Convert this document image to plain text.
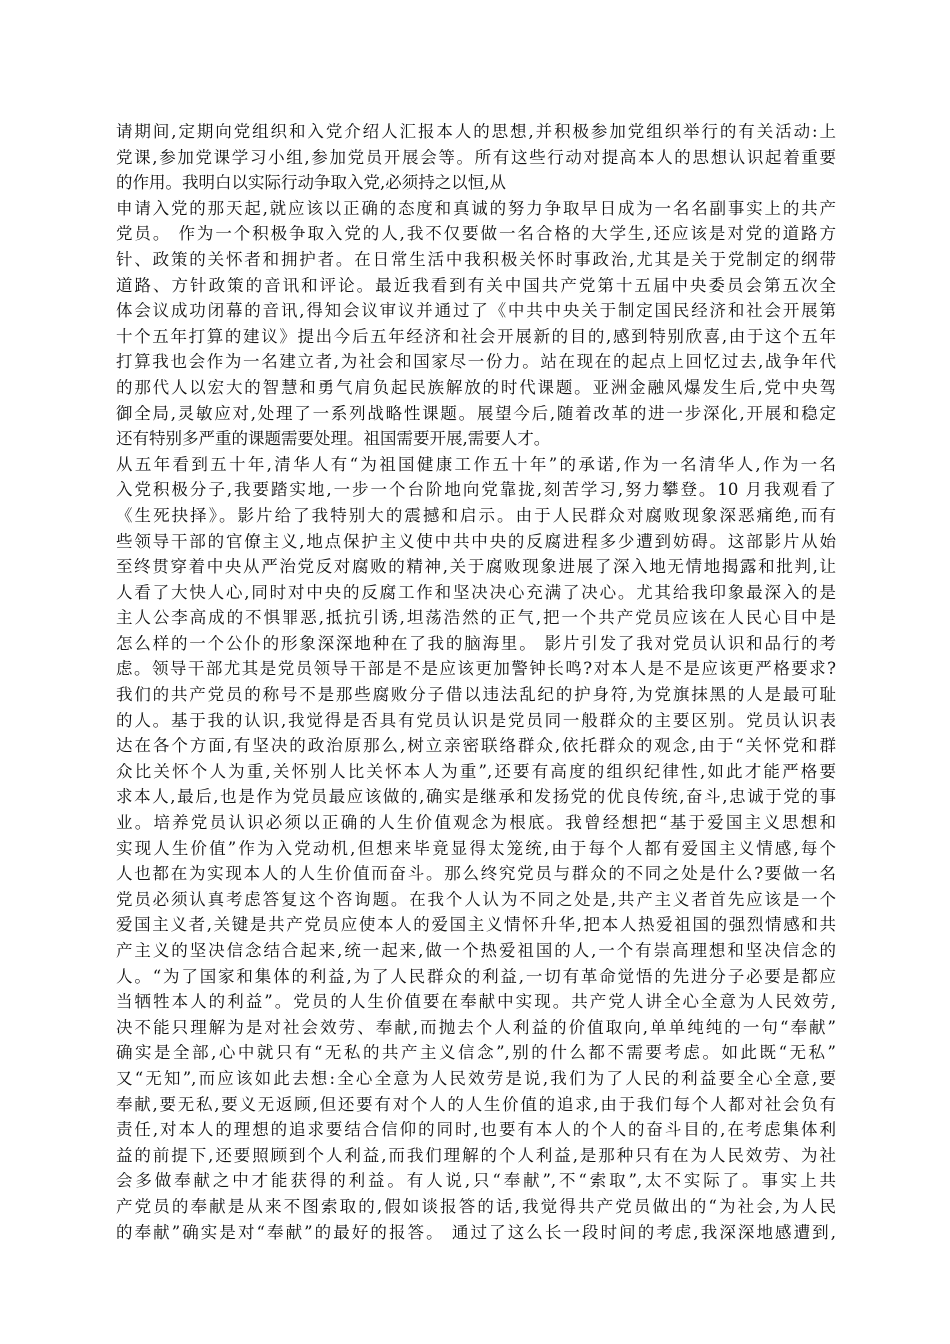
请期间,定期向党组织和入党介绍人汇报本人的思想,并积极参加党组织举行的有关活动:上
党课,参加党课学习小组,参加党员开展会等。所有这些行动对提高本人的思想认识起着重要
的作用。我明白以实际行动争取入党,必须持之以恒,从
申请入党的那天起,就应该以正确的态度和真诚的努力争取早日成为一名名副事实上的共产
党员。 作为一个积极争取入党的人,我不仅要做一名合格的大学生,还应该是对党的道路方
针、政策的关怀者和拥护者。在日常生活中我积极关怀时事政治,尤其是关于党制定的纲带
道路、方针政策的音讯和评论。最近我看到有关中国共产党第十五届中央委员会第五次全
体会议成功闭幕的音讯,得知会议审议并通过了《中共中央关于制定国民经济和社会开展第
十个五年打算的建议》提出今后五年经济和社会开展新的目的,感到特别欣喜,由于这个五年
打算我也会作为一名建立者,为社会和国家尽一份力。站在现在的起点上回忆过去,战争年代
的那代人以宏大的智慧和勇气肩负起民族解放的时代课题。亚洲金融风爆发生后,党中央驾
御全局,灵敏应对,处理了一系列战略性课题。展望今后,随着改革的进一步深化,开展和稳定
还有特别多严重的课题需要处理。祖国需要开展,需要人才。
从五年看到五十年,清华人有“为祖国健康工作五十年”的承诺,作为一名清华人,作为一名
入党积极分子,我要踏实地,一步一个台阶地向党靠拢,刻苦学习,努力攀登。10 月我观看了
《生死抉择》。影片给了我特别大的震撼和启示。由于人民群众对腐败现象深恶痛绝,而有
些领导干部的官僚主义,地点保护主义使中共中央的反腐进程多少遭到妨碍。这部影片从始
至终贯穿着中央从严治党反对腐败的精神,关于腐败现象进展了深入地无情地揭露和批判,让
人看了大快人心,同时对中央的反腐工作和坚决决心充满了决心。尤其给我印象最深入的是
主人公李高成的不惧罪恶,抵抗引诱,坦荡浩然的正气,把一个共产党员应该在人民心目中是
怎么样的一个公仆的形象深深地种在了我的脑海里。 影片引发了我对党员认识和品行的考
虑。领导干部尤其是党员领导干部是不是应该更加警钟长鸣?对本人是不是应该更严格要求?
我们的共产党员的称号不是那些腐败分子借以违法乱纪的护身符,为党旗抹黑的人是最可耻
的人。基于我的认识,我觉得是否具有党员认识是党员同一般群众的主要区别。党员认识表
达在各个方面,有坚决的政治原那么,树立亲密联络群众,依托群众的观念,由于“关怀党和群
众比关怀个人为重,关怀别人比关怀本人为重”,还要有高度的组织纪律性,如此才能严格要
求本人,最后,也是作为党员最应该做的,确实是继承和发扬党的优良传统,奋斗,忠诚于党的事
业。培养党员认识必须以正确的人生价值观念为根底。我曾经想把“基于爱国主义思想和
实现人生价值”作为入党动机,但想来毕竟显得太笼统,由于每个人都有爱国主义情感,每个
人也都在为实现本人的人生价值而奋斗。那么终究党员与群众的不同之处是什么?要做一名
党员必须认真考虑答复这个咨询题。在我个人认为不同之处是,共产主义者首先应该是一个
爱国主义者,关键是共产党员应使本人的爱国主义情怀升华,把本人热爱祖国的强烈情感和共
产主义的坚决信念结合起来,统一起来,做一个热爱祖国的人,一个有崇高理想和坚决信念的
人。“为了国家和集体的利益,为了人民群众的利益,一切有革命觉悟的先进分子必要是都应
当牺牲本人的利益”。党员的人生价值要在奉献中实现。共产党人讲全心全意为人民效劳,
决不能只理解为是对社会效劳、奉献,而抛去个人利益的价值取向,单单纯纯的一句“奉献”
确实是全部,心中就只有“无私的共产主义信念”,别的什么都不需要考虑。如此既“无私”
又“无知”,而应该如此去想:全心全意为人民效劳是说,我们为了人民的利益要全心全意,要
奉献,要无私,要义无返顾,但还要有对个人的人生价值的追求,由于我们每个人都对社会负有
责任,对本人的理想的追求要结合信仰的同时,也要有本人的个人的奋斗目的,在考虑集体利
益的前提下,还要照顾到个人利益,而我们理解的个人利益,是那种只有在为人民效劳、为社
会多做奉献之中才能获得的利益。有人说,只“奉献”,不“索取”,太不实际了。事实上共
产党员的奉献是从来不图索取的,假如谈报答的话,我觉得共产党员做出的“为社会,为人民
的奉献”确实是对“奉献”的最好的报答。 通过了这么长一段时间的考虑,我深深地感遭到,
